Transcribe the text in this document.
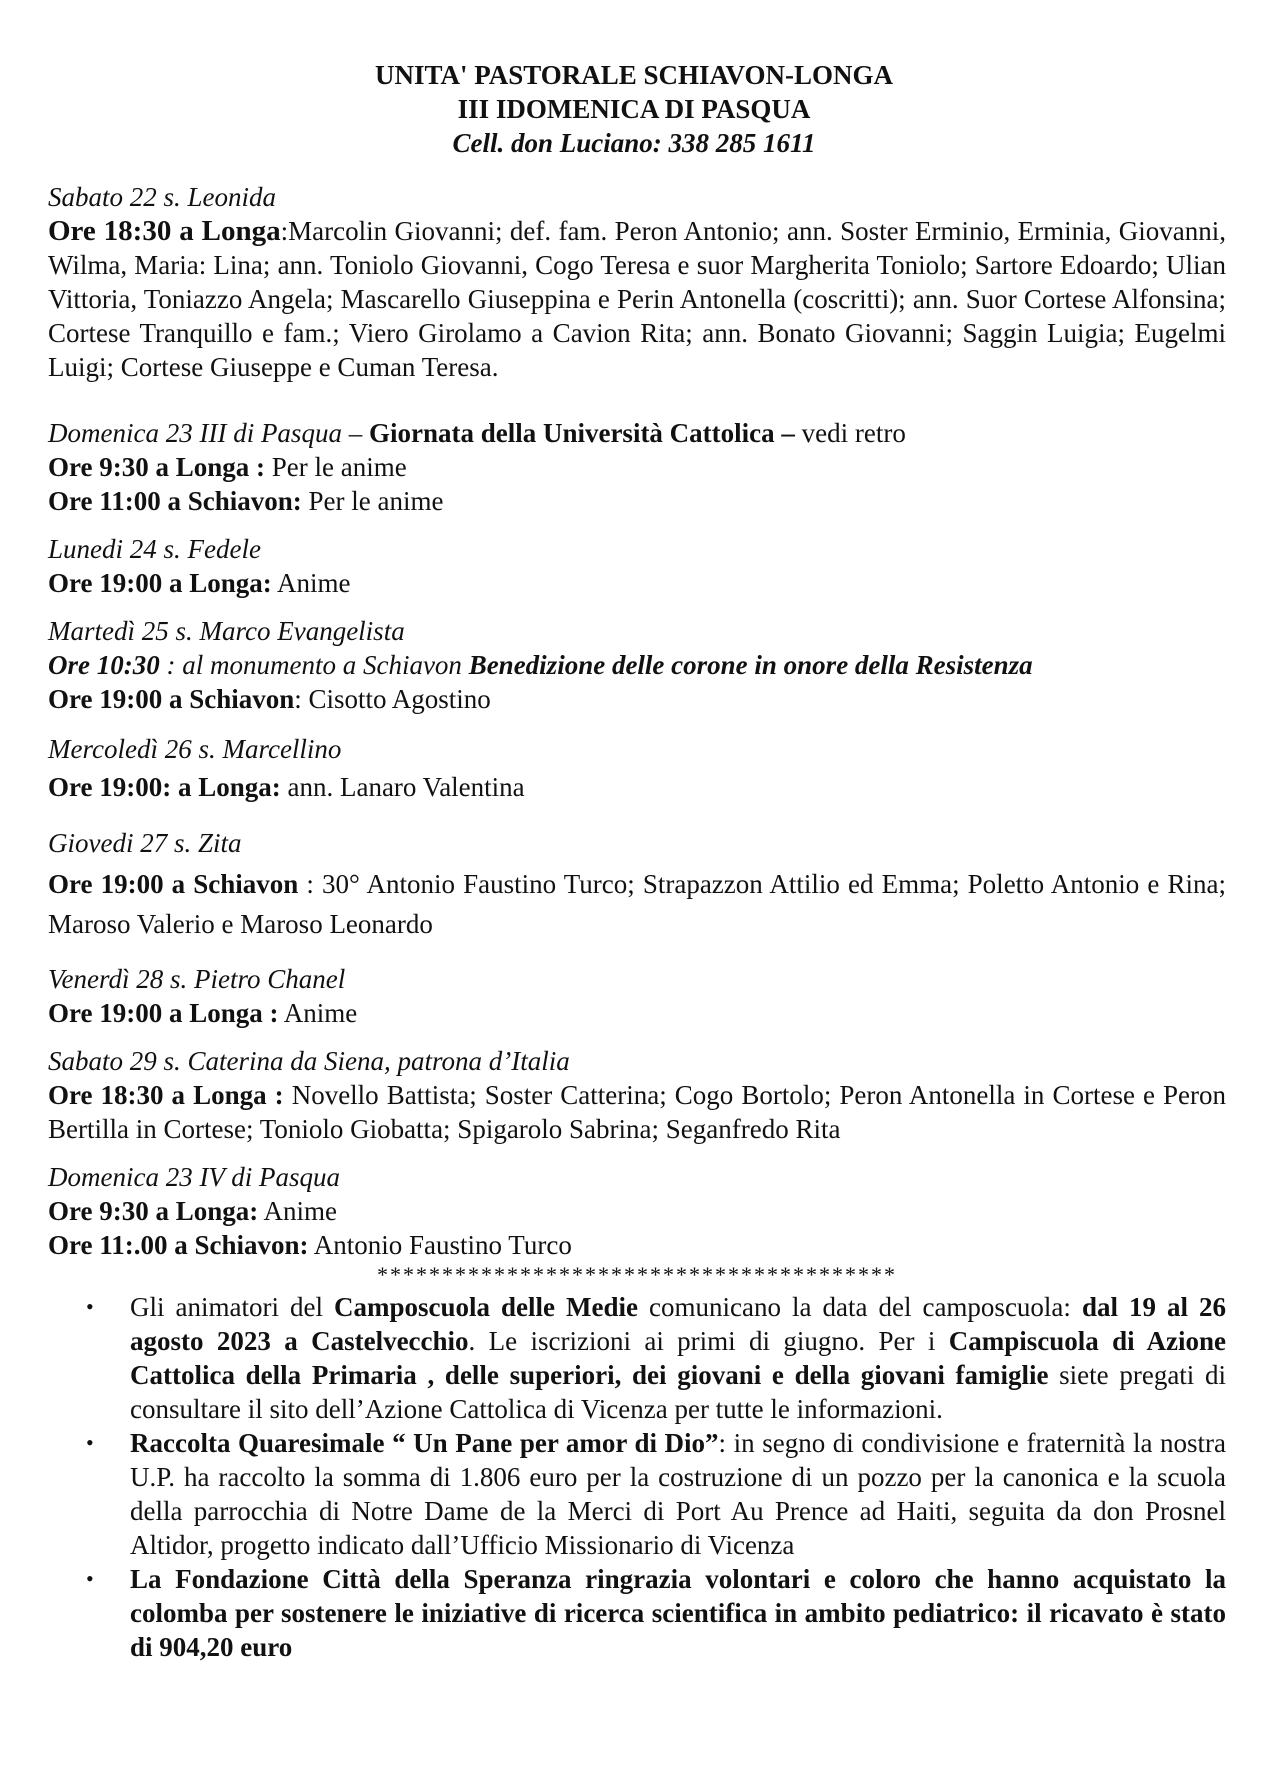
UNITA' PASTORALE SCHIAVON-LONGA
III IDOMENICA DI PASQUA
Cell. don Luciano: 338 285 1611
Sabato 22 s. Leonida
Ore 18:30 a Longa:Marcolin Giovanni; def. fam. Peron Antonio; ann. Soster Erminio, Erminia, Giovanni, Wilma, Maria: Lina; ann. Toniolo Giovanni, Cogo Teresa e suor Margherita Toniolo; Sartore Edoardo; Ulian Vittoria, Toniazzo Angela; Mascarello Giuseppina e Perin Antonella (coscritti); ann. Suor Cortese Alfonsina; Cortese Tranquillo e fam.; Viero Girolamo a Cavion Rita; ann. Bonato Giovanni; Saggin Luigia; Eugelmi Luigi; Cortese Giuseppe e Cuman Teresa.
Domenica 23 III di Pasqua – Giornata della Università Cattolica – vedi retro
Ore 9:30 a Longa : Per le anime
Ore 11:00 a Schiavon: Per le anime
Lunedi 24 s. Fedele
Ore 19:00 a Longa: Anime
Martedì 25 s. Marco Evangelista
Ore 10:30 : al monumento a Schiavon Benedizione delle corone in onore della Resistenza
Ore 19:00 a Schiavon: Cisotto Agostino
Mercoledì 26 s. Marcellino
Ore 19:00: a Longa: ann. Lanaro Valentina
Giovedi 27 s. Zita
Ore 19:00 a Schiavon : 30° Antonio Faustino Turco; Strapazzon Attilio ed Emma; Poletto Antonio e Rina; Maroso Valerio e Maroso Leonardo
Venerdì 28 s. Pietro Chanel
Ore 19:00 a Longa : Anime
Sabato 29 s. Caterina da Siena, patrona d’Italia
Ore 18:30 a Longa : Novello Battista; Soster Catterina; Cogo Bortolo; Peron Antonella in Cortese e Peron Bertilla in Cortese; Toniolo Giobatta; Spigarolo Sabrina; Seganfredo Rita
Domenica 23 IV di Pasqua
Ore 9:30 a Longa: Anime
Ore 11:.00 a Schiavon: Antonio Faustino Turco
****************************************
• Gli animatori del Camposcuola delle Medie comunicano la data del camposcuola: dal 19 al 26 agosto 2023 a Castelvecchio. Le iscrizioni ai primi di giugno. Per i Campiscuola di Azione Cattolica della Primaria , delle superiori, dei giovani e della giovani famiglie siete pregati di consultare il sito dell’Azione Cattolica di Vicenza per tutte le informazioni.
• Raccolta Quaresimale “ Un Pane per amor di Dio”: in segno di condivisione e fraternità la nostra U.P. ha raccolto la somma di 1.806 euro per la costruzione di un pozzo per la canonica e la scuola della parrocchia di Notre Dame de la Merci di Port Au Prence ad Haiti, seguita da don Prosnel Altidor, progetto indicato dall’Ufficio Missionario di Vicenza
• La Fondazione Città della Speranza ringrazia volontari e coloro che hanno acquistato la colomba per sostenere le iniziative di ricerca scientifica in ambito pediatrico: il ricavato è stato di 904,20 euro
